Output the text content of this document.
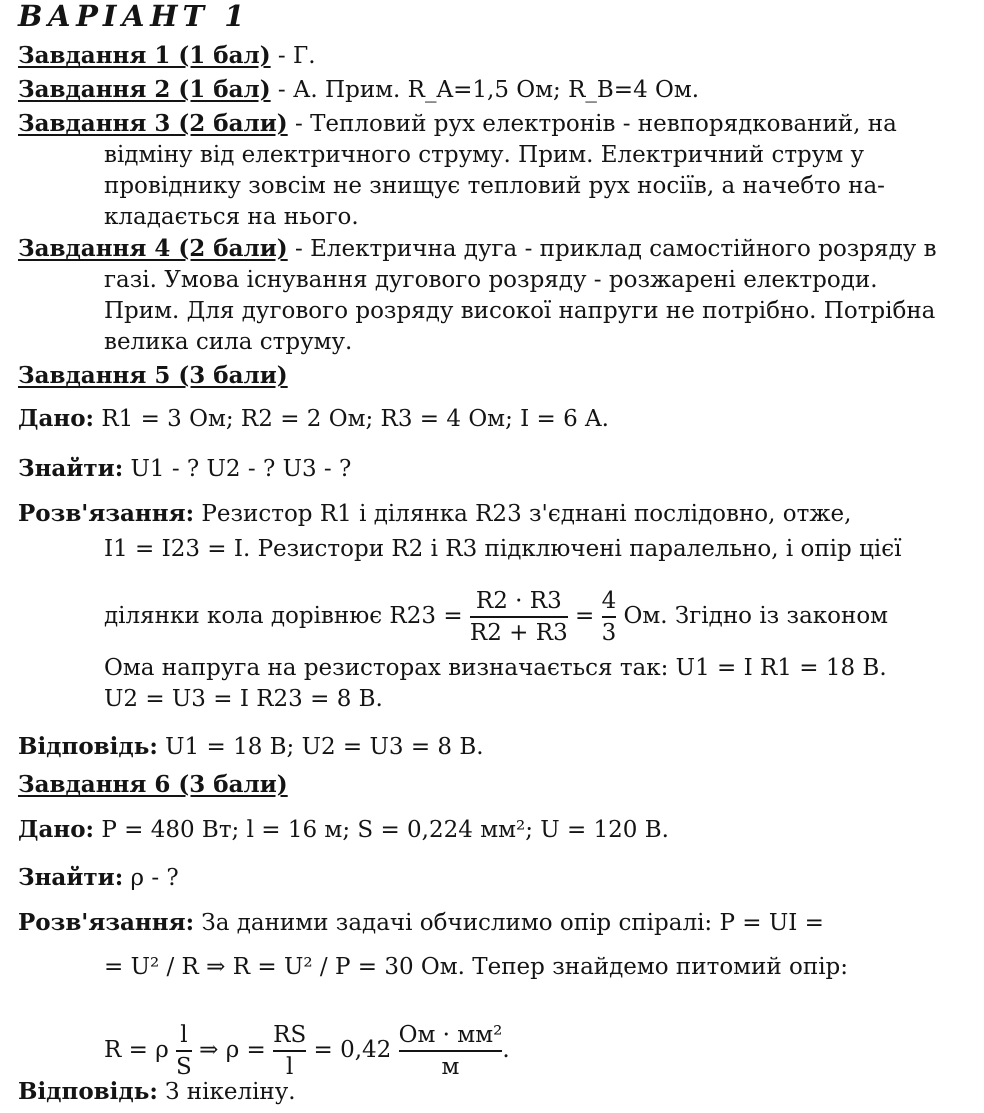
ВАРІАНТ 1
Завдання 1 (1 бал) - Г.
Завдання 2 (1 бал) - А. Прим. R_A=1,5 Ом; R_B=4 Ом.
Завдання 3 (2 бали) - Тепловий рух електронів - невпорядкований, на
відміну від електричного струму. Прим. Електричний струм у
провіднику зовсім не знищує тепловий рух носіїв, а начебто на-
кладається на нього.
Завдання 4 (2 бали) - Електрична дуга - приклад самостійного розряду в
газі. Умова існування дугового розряду - розжарені електроди.
Прим. Для дугового розряду високої напруги не потрібно. Потрібна
велика сила струму.
Завдання 5 (3 бали)
Дано: R1 = 3 Ом; R2 = 2 Ом; R3 = 4 Ом; I = 6 A.
Знайти: U1 - ? U2 - ? U3 - ?
Розв'язання: Резистор R1 і ділянка R23 з'єднані послідовно, отже,
I1 = I23 = I. Резистори R2 і R3 підключені паралельно, і опір цієї
ділянки кола дорівнює $R23 = \frac{R2 \cdot R3}{R2 + R3} = \frac{4}{3}$ Ом. Згідно із законом
Ома напруга на резисторах визначається так: U1 = I R1 = 18 В.
U2 = U3 = I R23 = 8 В.
Відповідь: U1 = 18 В; U2 = U3 = 8 В.
Завдання 6 (3 бали)
Дано: P = 480 Вт; l = 16 м; S = 0,224 мм²; U = 120 В.
Знайти: ρ - ?
Розв'язання: За даними задачі обчислимо опір спіралі: P = UI =
= U² / R ⇒ R = U² / P = 30 Ом. Тепер знайдемо питомий опір:
R = ρ $\frac{l}{S}$ ⇒ $\rho = \frac{RS}{l} = 0,42 \frac{\text{Ом · мм²}}{м}$ .
Відповідь: З нікеліну.
